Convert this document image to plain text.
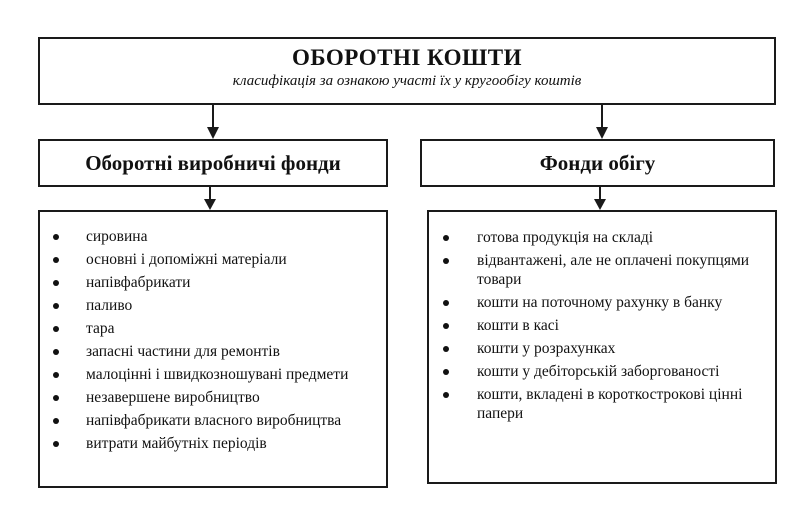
ОБОРОТНІ КОШТИ
класифікація за ознакою участі їх у кругообігу коштів
Оборотні виробничі фонди	Фонди обігу
сировина
основні і допоміжні матеріали
напівфабрикати
паливо
тара
запасні частини для ремонтів
малоцінні і швидкозношувані предмети
незавершене виробництво
напівфабрикати власного виробництва
витрати майбутніх періодів
готова продукція на складі
відвантажені, але не оплачені покупцями товари
кошти на поточному рахунку в банку
кошти в касі
кошти у розрахунках
кошти у дебіторській заборгованості
кошти, вкладені в короткострокові цінні папери
